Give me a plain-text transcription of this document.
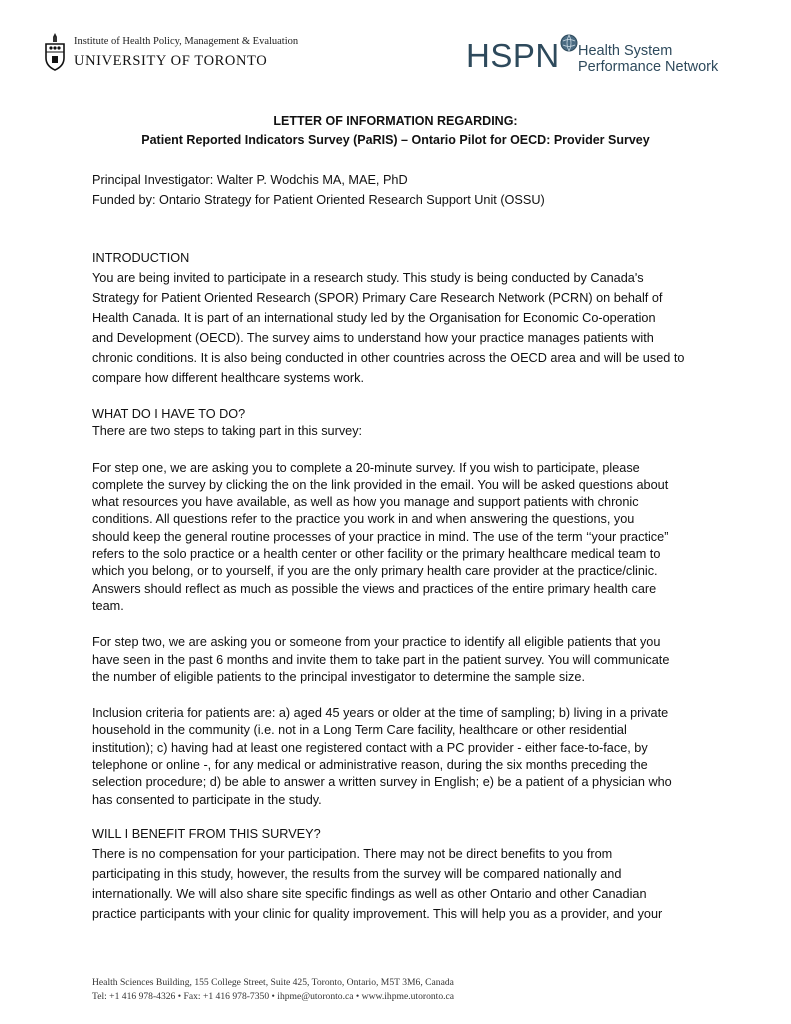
Institute of Health Policy, Management & Evaluation
UNIVERSITY OF TORONTO	HSPN Health System
Performance Network
LETTER OF INFORMATION REGARDING:
Patient Reported Indicators Survey (PaRIS) – Ontario Pilot for OECD: Provider Survey
Principal Investigator: Walter P. Wodchis MA, MAE, PhD
Funded by: Ontario Strategy for Patient Oriented Research Support Unit (OSSU)
INTRODUCTION
You are being invited to participate in a research study. This study is being conducted by Canada's
Strategy for Patient Oriented Research (SPOR) Primary Care Research Network (PCRN) on behalf of
Health Canada. It is part of an international study led by the Organisation for Economic Co-operation
and Development (OECD). The survey aims to understand how your practice manages patients with
chronic conditions. It is also being conducted in other countries across the OECD area and will be used to
compare how different healthcare systems work.
WHAT DO I HAVE TO DO?
There are two steps to taking part in this survey:
For step one, we are asking you to complete a 20-minute survey. If you wish to participate, please
complete the survey by clicking the on the link provided in the email. You will be asked questions about
what resources you have available, as well as how you manage and support patients with chronic
conditions. All questions refer to the practice you work in and when answering the questions, you
should keep the general routine processes of your practice in mind. The use of the term ‘‘your practice”
refers to the solo practice or a health center or other facility or the primary healthcare medical team to
which you belong, or to yourself, if you are the only primary health care provider at the practice/clinic.
Answers should reflect as much as possible the views and practices of the entire primary health care
team.
For step two, we are asking you or someone from your practice to identify all eligible patients that you
have seen in the past 6 months and invite them to take part in the patient survey. You will communicate
the number of eligible patients to the principal investigator to determine the sample size.
Inclusion criteria for patients are: a) aged 45 years or older at the time of sampling; b) living in a private
household in the community (i.e. not in a Long Term Care facility, healthcare or other residential
institution); c) having had at least one registered contact with a PC provider - either face-to-face, by
telephone or online -, for any medical or administrative reason, during the six months preceding the
selection procedure; d) be able to answer a written survey in English; e) be a patient of a physician who
has consented to participate in the study.
WILL I BENEFIT FROM THIS SURVEY?
There is no compensation for your participation. There may not be direct benefits to you from
participating in this study, however, the results from the survey will be compared nationally and
internationally. We will also share site specific findings as well as other Ontario and other Canadian
practice participants with your clinic for quality improvement. This will help you as a provider, and your
Health Sciences Building, 155 College Street, Suite 425, Toronto, Ontario, M5T 3M6, Canada
Tel: +1 416 978-4326 • Fax: +1 416 978-7350 • ihpme@utoronto.ca • www.ihpme.utoronto.ca
